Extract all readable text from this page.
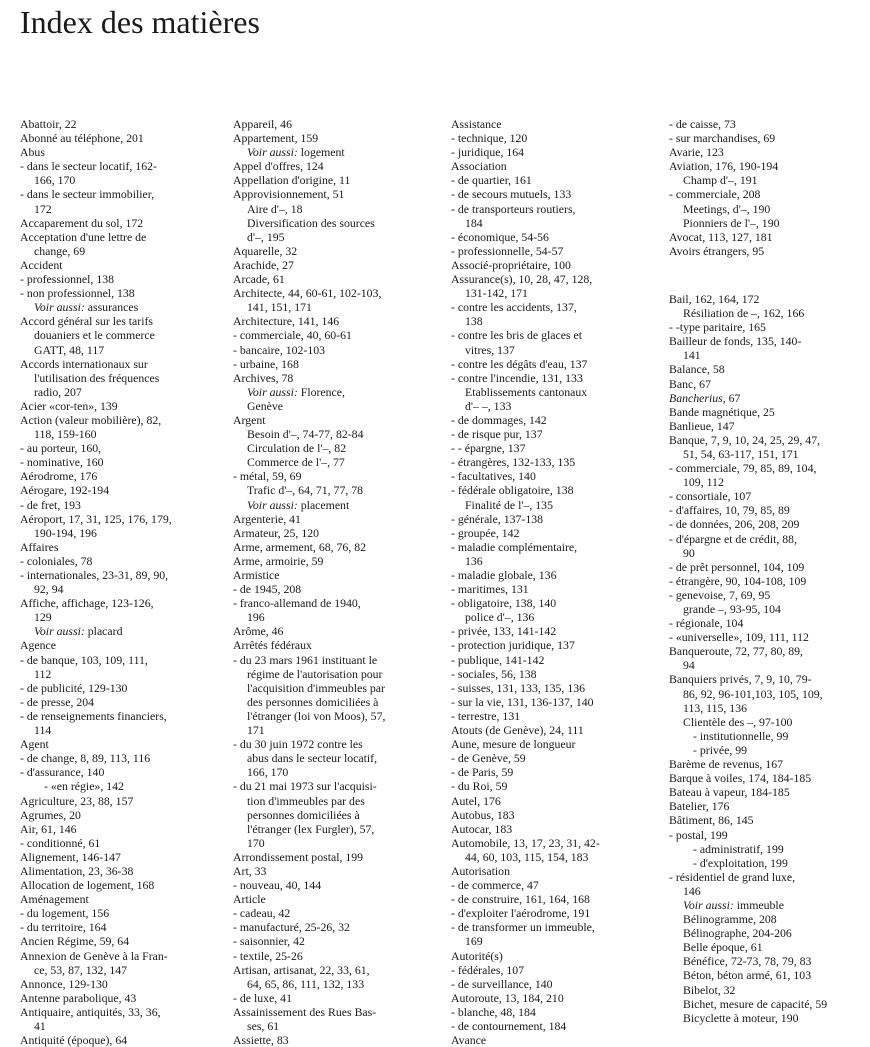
Index des matières
Abattoir, 22
Abonné au téléphone, 201
Abus
- dans le secteur locatif, 162-
166, 170
- dans le secteur immobilier,
172
Accaparement du sol, 172
Acceptation d'une lettre de
change, 69
Accident
- professionnel, 138
- non professionnel, 138
Voir aussi: assurances
Accord général sur les tarifs
douaniers et le commerce
GATT, 48, 117
Accords internationaux sur
l'utilisation des fréquences
radio, 207
Acier «cor-ten», 139
Action (valeur mobilière), 82,
118, 159-160
- au porteur, 160,
- nominative, 160
Aérodrome, 176
Aérogare, 192-194
- de fret, 193
Aéroport, 17, 31, 125, 176, 179,
190-194, 196
Affaires
- coloniales, 78
- internationales, 23-31, 89, 90,
92, 94
Affiche, affichage, 123-126,
129
Voir aussi: placard
Agence
- de banque, 103, 109, 111,
112
- de publicité, 129-130
- de presse, 204
- de renseignements financiers,
114
Agent
- de change, 8, 89, 113, 116
- d'assurance, 140
- «en régie», 142
Agriculture, 23, 88, 157
Agrumes, 20
Air, 61, 146
- conditionné, 61
Alignement, 146-147
Alimentation, 23, 36-38
Allocation de logement, 168
Aménagement
- du logement, 156
- du territoire, 164
Ancien Régime, 59, 64
Annexion de Genève à la Fran-
ce, 53, 87, 132, 147
Annonce, 129-130
Antenne parabolique, 43
Antiquaire, antiquités, 33, 36,
41
Antiquité (époque), 64
Appareil, 46
Appartement, 159
Voir aussi: logement
Appel d'offres, 124
Appellation d'origine, 11
Approvisionnement, 51
Aire d'–, 18
Diversification des sources
d'–, 195
Aquarelle, 32
Arachide, 27
Arcade, 61
Architecte, 44, 60-61, 102-103,
141, 151, 171
Architecture, 141, 146
- commerciale, 40, 60-61
- bancaire, 102-103
- urbaine, 168
Archives, 78
Voir aussi: Florence,
Genève
Argent
Besoin d'–, 74-77, 82-84
Circulation de l'–, 82
Commerce de l'–, 77
- métal, 59, 69
Trafic d'–, 64, 71, 77, 78
Voir aussi: placement
Argenterie, 41
Armateur, 25, 120
Arme, armement, 68, 76, 82
Arme, armoirie, 59
Armistice
- de 1945, 208
- franco-allemand de 1940,
196
Arôme, 46
Arrêtés fédéraux
- du 23 mars 1961 instituant le
régime de l'autorisation pour
l'acquisition d'immeubles par
des personnes domiciliées à
l'étranger (loi von Moos), 57,
171
- du 30 juin 1972 contre les
abus dans le secteur locatif,
166, 170
- du 21 mai 1973 sur l'acquisi-
tion d'immeubles par des
personnes domiciliées à
l'étranger (lex Furgler), 57,
170
Arrondissement postal, 199
Art, 33
- nouveau, 40, 144
Article
- cadeau, 42
- manufacturé, 25-26, 32
- saisonnier, 42
- textile, 25-26
Artisan, artisanat, 22, 33, 61,
64, 65, 86, 111, 132, 133
- de luxe, 41
Assainissement des Rues Bas-
ses, 61
Assiette, 83
Assistance
- technique, 120
- juridique, 164
Association
- de quartier, 161
- de secours mutuels, 133
- de transporteurs routiers,
184
- économique, 54-56
- professionnelle, 54-57
Associé-propriétaire, 100
Assurance(s), 10, 28, 47, 128,
131-142, 171
- contre les accidents, 137,
138
- contre les bris de glaces et
vitres, 137
- contre les dégâts d'eau, 137
- contre l'incendie, 131, 133
Etablissements cantonaux
d'– –, 133
- de dommages, 142
- de risque pur, 137
- - épargne, 137
- étrangères, 132-133, 135
- facultatives, 140
- fédérale obligatoire, 138
Finalité de l'–, 135
- générale, 137-138
- groupée, 142
- maladie complémentaire,
136
- maladie globale, 136
- maritimes, 131
- obligatoire, 138, 140
police d'–, 136
- privée, 133, 141-142
- protection juridique, 137
- publique, 141-142
- sociales, 56, 138
- suisses, 131, 133, 135, 136
- sur la vie, 131, 136-137, 140
- terrestre, 131
Atouts (de Genève), 24, 111
Aune, mesure de longueur
- de Genève, 59
- de Paris, 59
- du Roi, 59
Autel, 176
Autobus, 183
Autocar, 183
Automobile, 13, 17, 23, 31, 42-
44, 60, 103, 115, 154, 183
Autorisation
- de commerce, 47
- de construire, 161, 164, 168
- d'exploiter l'aérodrome, 191
- de transformer un immeuble,
169
Autorité(s)
- fédérales, 107
- de surveillance, 140
Autoroute, 13, 184, 210
- blanche, 48, 184
- de contournement, 184
Avance
- de caisse, 73
- sur marchandises, 69
Avarie, 123
Aviation, 176, 190-194
Champ d'–, 191
- commerciale, 208
Meetings, d'–, 190
Pionniers de l'–, 190
Avocat, 113, 127, 181
Avoirs étrangers, 95
Bail, 162, 164, 172
Résiliation de –, 162, 166
- -type paritaire, 165
Bailleur de fonds, 135, 140-
141
Balance, 58
Banc, 67
Bancherius, 67
Bande magnétique, 25
Banlieue, 147
Banque, 7, 9, 10, 24, 25, 29, 47,
51, 54, 63-117, 151, 171
- commerciale, 79, 85, 89, 104,
109, 112
- consortiale, 107
- d'affaires, 10, 79, 85, 89
- de données, 206, 208, 209
- d'épargne et de crédit, 88,
90
- de prêt personnel, 104, 109
- étrangère, 90, 104-108, 109
- genevoise, 7, 69, 95
grande –, 93-95, 104
- régionale, 104
- «universelle», 109, 111, 112
Banqueroute, 72, 77, 80, 89,
94
Banquiers privés, 7, 9, 10, 79-
86, 92, 96-101,103, 105, 109,
113, 115, 136
Clientèle des –, 97-100
- institutionnelle, 99
- privée, 99
Barème de revenus, 167
Barque à voiles, 174, 184-185
Bateau à vapeur, 184-185
Batelier, 176
Bâtiment, 86, 145
- postal, 199
- administratif, 199
- d'exploitation, 199
- résidentiel de grand luxe,
146
Voir aussi: immeuble
Bélinogramme, 208
Bélinographe, 204-206
Belle époque, 61
Bénéfice, 72-73, 78, 79, 83
Béton, béton armé, 61, 103
Bibelot, 32
Bichet, mesure de capacité, 59
Bicyclette à moteur, 190
